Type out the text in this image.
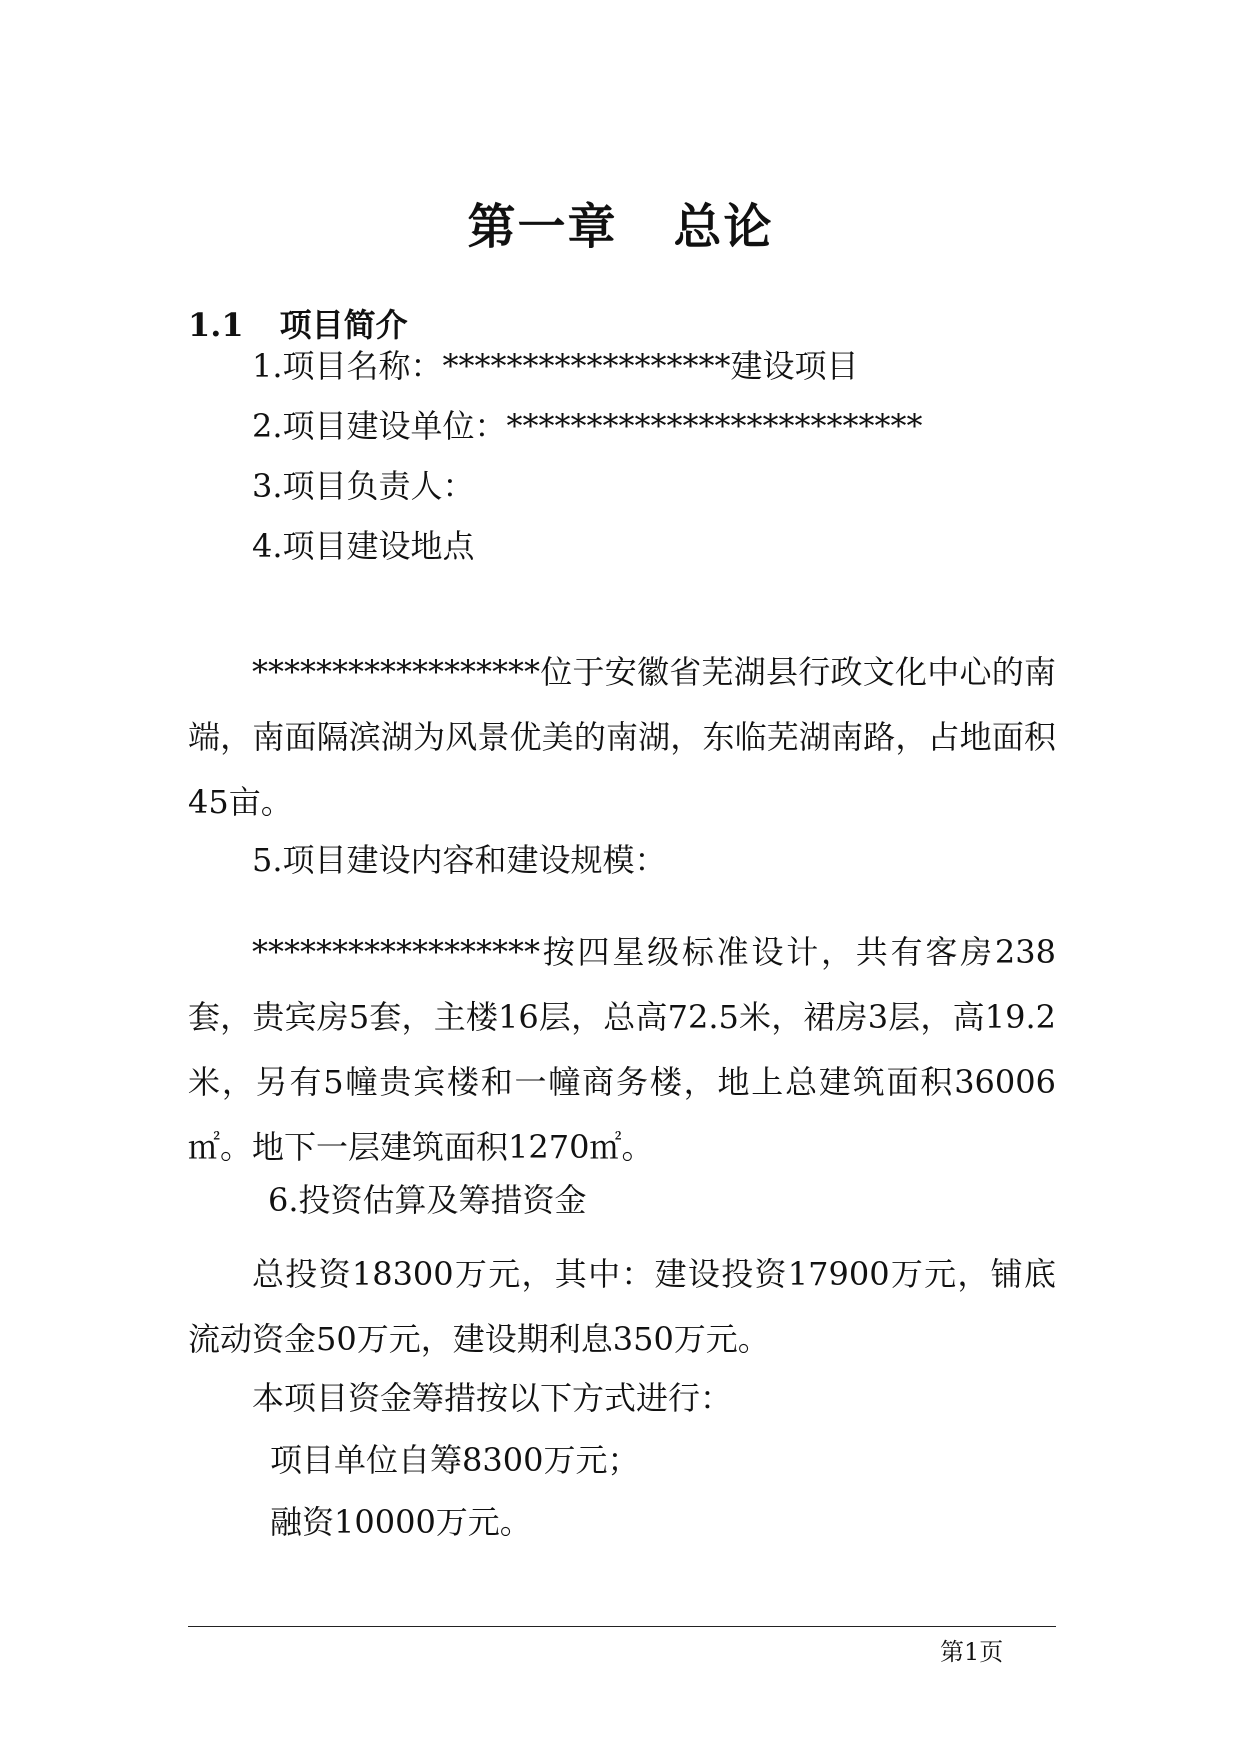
第一章 总论
1.1 项目简介
1.项目名称：******************建设项目
2.项目建设单位：**************************
3.项目负责人：
4.项目建设地点
******************位于安徽省芜湖县行政文化中心的南端，南面隔滨湖为风景优美的南湖，东临芜湖南路，占地面积45亩。
5.项目建设内容和建设规模：
******************按四星级标准设计，共有客房238套，贵宾房5套，主楼16层，总高72.5米，裙房3层，高19.2米，另有5幢贵宾楼和一幢商务楼，地上总建筑面积36006㎡。地下一层建筑面积1270㎡。
6.投资估算及筹措资金
总投资18300万元，其中：建设投资17900万元，铺底流动资金50万元，建设期利息350万元。
本项目资金筹措按以下方式进行：
项目单位自筹8300万元；
融资10000万元。
第1页
